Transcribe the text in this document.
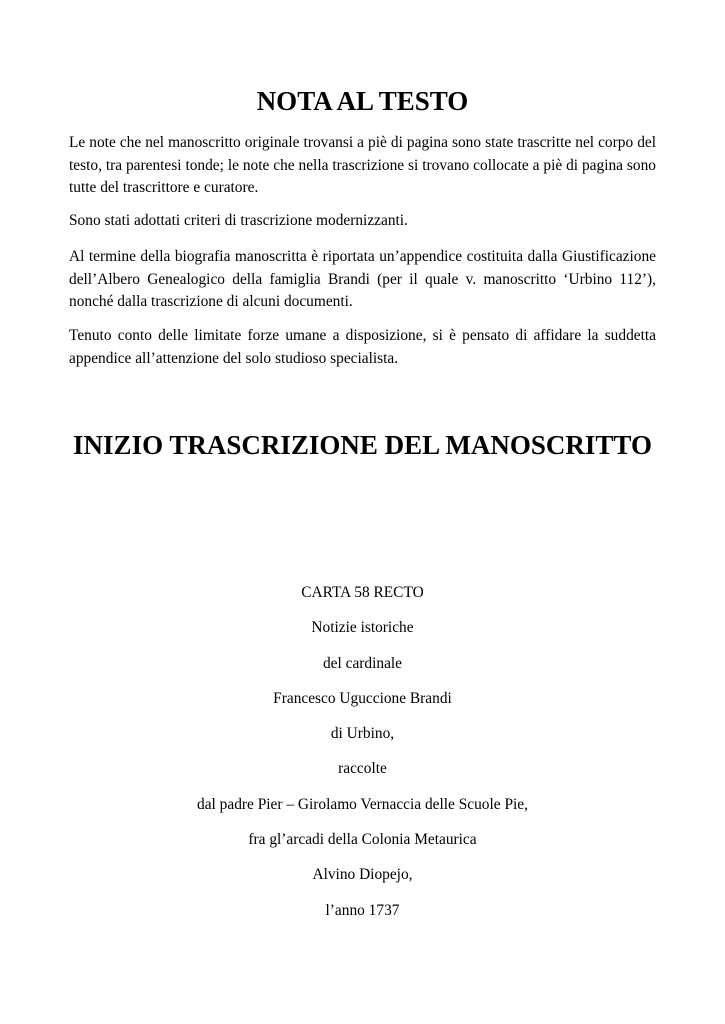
NOTA AL TESTO

Le note che nel manoscritto originale trovansi a piè di pagina sono state trascritte nel corpo del testo, tra parentesi tonde; le note che nella trascrizione si trovano collocate a piè di pagina sono tutte del trascrittore e curatore.

Sono stati adottati criteri di trascrizione modernizzanti.

Al termine della biografia manoscritta è riportata un’appendice costituita dalla Giustificazione dell’Albero Genealogico della famiglia Brandi (per il quale v. manoscritto ‘Urbino 112’), nonché dalla trascrizione di alcuni documenti.

Tenuto conto delle limitate forze umane a disposizione, si è pensato di affidare la suddetta appendice all’attenzione del solo studioso specialista.

INIZIO TRASCRIZIONE DEL MANOSCRITTO
CARTA 58 RECTO
Notizie istoriche
del cardinale
Francesco Uguccione Brandi
di Urbino,
raccolte
dal padre Pier – Girolamo Vernaccia delle Scuole Pie,
fra gl’arcadi della Colonia Metaurica
Alvino Diopejo,
l’anno 1737
